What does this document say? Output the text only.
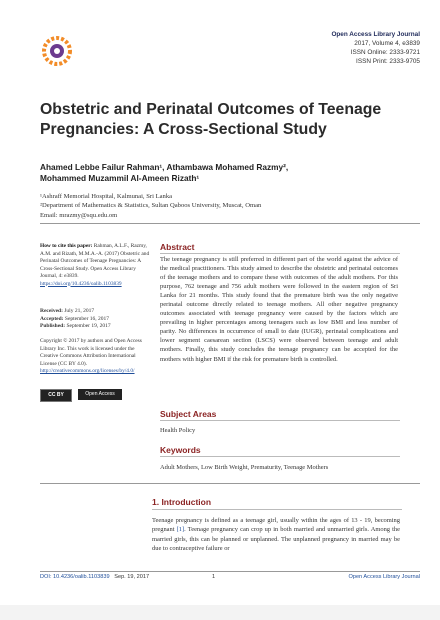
Open Access Library Journal
2017, Volume 4, e3839
ISSN Online: 2333-9721
ISSN Print: 2333-9705
Obstetric and Perinatal Outcomes of Teenage Pregnancies: A Cross-Sectional Study
Ahamed Lebbe Failur Rahman¹, Athambawa Mohamed Razmy²,
Mohammed Muzammil Al-Ameen Rizath¹
¹Ashraff Memorial Hospital, Kalmunai, Sri Lanka
²Department of Mathematics & Statistics, Sultan Qaboos University, Muscat, Oman
Email: mrazmy@squ.edu.om
How to cite this paper: Rahman, A.L.F., Razmy, A.M. and Rizath, M.M.A.-A. (2017) Obstetric and Perinatal Outcomes of Teenage Pregnancies: A Cross-Sectional Study. Open Access Library Journal, 4: e3839. https://doi.org/10.4236/oalib.1103839
Received: July 21, 2017
Accepted: September 16, 2017
Published: September 19, 2017
Copyright © 2017 by authors and Open Access Library Inc. This work is licensed under the Creative Commons Attribution International License (CC BY 4.0). http://creativecommons.org/licenses/by/4.0/
CC BY	Open Access
Abstract
The teenage pregnancy is still preferred in different part of the world against the advice of the medical practitioners. This study aimed to describe the obstetric and perinatal outcomes of the teenage mothers and to compare these with outcomes of the adult mothers. For this purpose, 762 teenage and 756 adult mothers were followed in the eastern region of Sri Lanka for 21 months. This study found that the premature birth was the only negative perinatal outcome directly related to teenage mothers. All other negative pregnancy outcomes associated with teenage pregnancy were caused by the factors which are prevailing in higher percentages among teenagers such as low BMI and less number of parity. No differences in occurrence of small to date (IUGR), perinatal complications and lower segment caesarean section (LSCS) were observed between teenage and adult mothers. Finally, this study concludes the teenage pregnancy can be accepted for the mothers with higher BMI if the risk for premature birth is controlled.
Subject Areas
Health Policy
Keywords
Adult Mothers, Low Birth Weight, Prematurity, Teenage Mothers
1. Introduction
Teenage pregnancy is defined as a teenage girl, usually within the ages of 13 - 19, becoming pregnant [1]. Teenage pregnancy can crop up in both married and unmarried girls. Among the married girls, this can be planned or unplanned. The unplanned pregnancy in married may be due to contraceptive failure or
DOI: 10.4236/oalib.1103839 Sep. 19, 2017	1	Open Access Library Journal
